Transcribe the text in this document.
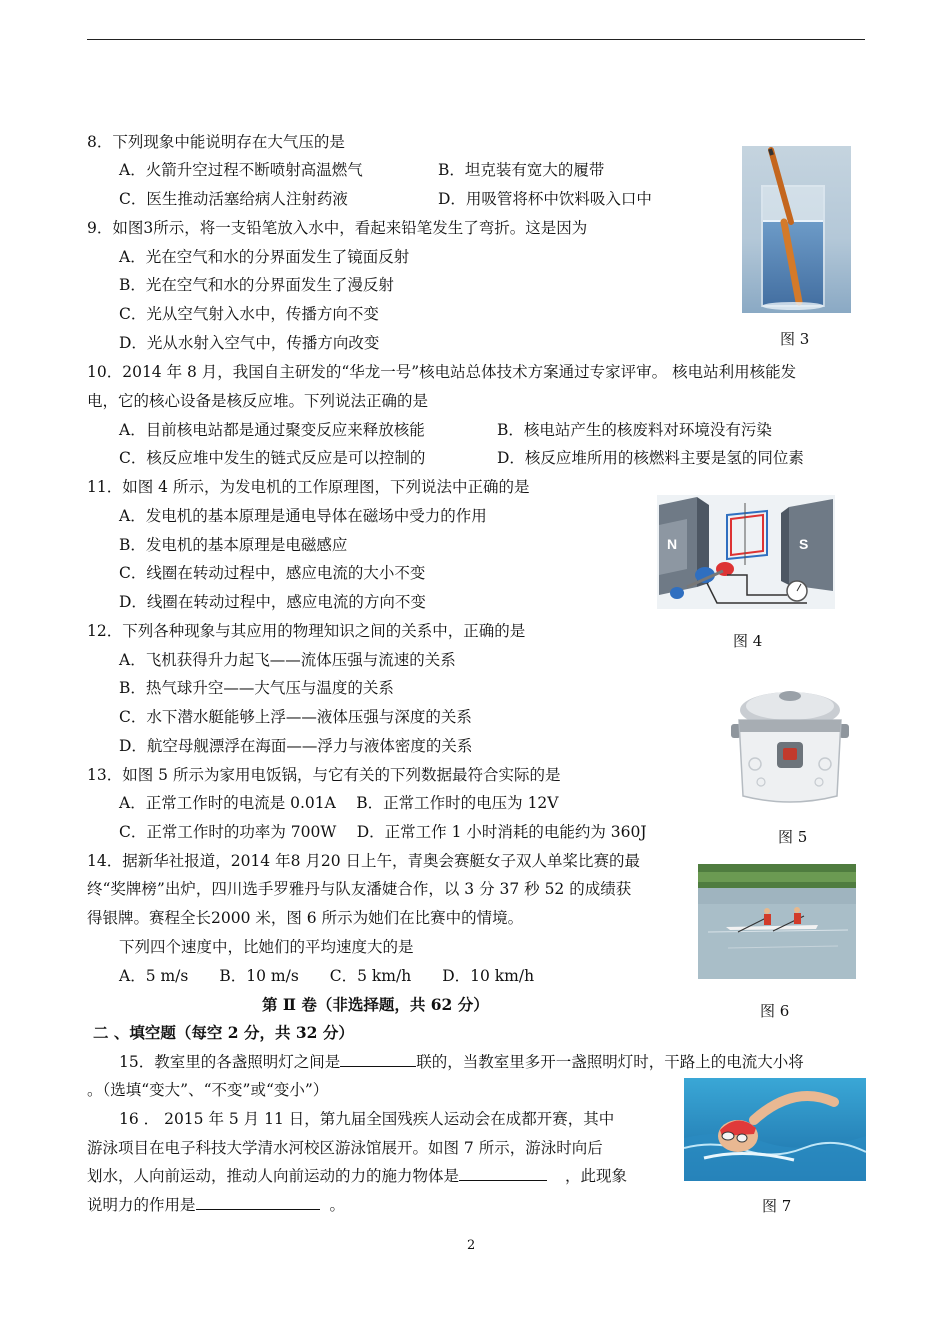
8．下列现象中能说明存在大气压的是
A．火箭升空过程不断喷射高温燃气	B．坦克装有宽大的履带
C．医生推动活塞给病人注射药液	D．用吸管将杯中饮料吸入口中
9．如图3所示，将一支铅笔放入水中，看起来铅笔发生了弯折。这是因为
A．光在空气和水的分界面发生了镜面反射
B．光在空气和水的分界面发生了漫反射
C．光从空气射入水中，传播方向不变
D．光从水射入空气中，传播方向改变	图 3
10．2014 年 8 月，我国自主研发的“华龙一号”核电站总体技术方案通过专家评审。 核电站利用核能发
电，它的核心设备是核反应堆。下列说法正确的是
A．目前核电站都是通过聚变反应来释放核能	B．核电站产生的核废料对环境没有污染
C．核反应堆中发生的链式反应是可以控制的	D．核反应堆所用的核燃料主要是氢的同位素
11．如图 4 所示，为发电机的工作原理图，下列说法中正确的是
A．发电机的基本原理是通电导体在磁场中受力的作用
B．发电机的基本原理是电磁感应
C．线圈在转动过程中，感应电流的大小不变
D．线圈在转动过程中，感应电流的方向不变
N	S
图 4
12．下列各种现象与其应用的物理知识之间的关系中，正确的是
A．飞机获得升力起飞——流体压强与流速的关系
B．热气球升空——大气压与温度的关系
C．水下潜水艇能够上浮——液体压强与深度的关系
D．航空母舰漂浮在海面——浮力与液体密度的关系
图 5
13．如图 5 所示为家用电饭锅，与它有关的下列数据最符合实际的是
A．正常工作时的电流是 0.01A　 B．正常工作时的电压为 12V
C．正常工作时的功率为 700W　 D．正常工作 1 小时消耗的电能约为 360J
14．据新华社报道，2014 年8 月20 日上午，青奥会赛艇女子双人单桨比赛的最
终“奖牌榜”出炉，四川选手罗雅丹与队友潘婕合作，以 3 分 37 秒 52 的成绩获
得银牌。赛程全长2000 米，图 6 所示为她们在比赛中的情境。
下列四个速度中，比她们的平均速度大的是
A．5 m/s　　B．10 m/s　　C．5 km/h　　D．10 km/h
图 6
第 Ⅱ 卷（非选择题，共 62 分）
二 、填空题（每空 2 分，共 32 分）
15．教室里的各盏照明灯之间是	联的，当教室里多开一盏照明灯时，干路上的电流大小将
。（选填“变大”、“不变”或“变小”）
16 ． 2015 年 5 月 11 日，第九届全国残疾人运动会在成都开赛，其中
游泳项目在电子科技大学清水河校区游泳馆展开。如图 7 所示，游泳时向后
划水，人向前运动，推动人向前运动的力的施力物体是	，此现象
说明力的作用是	。	图 7
2
